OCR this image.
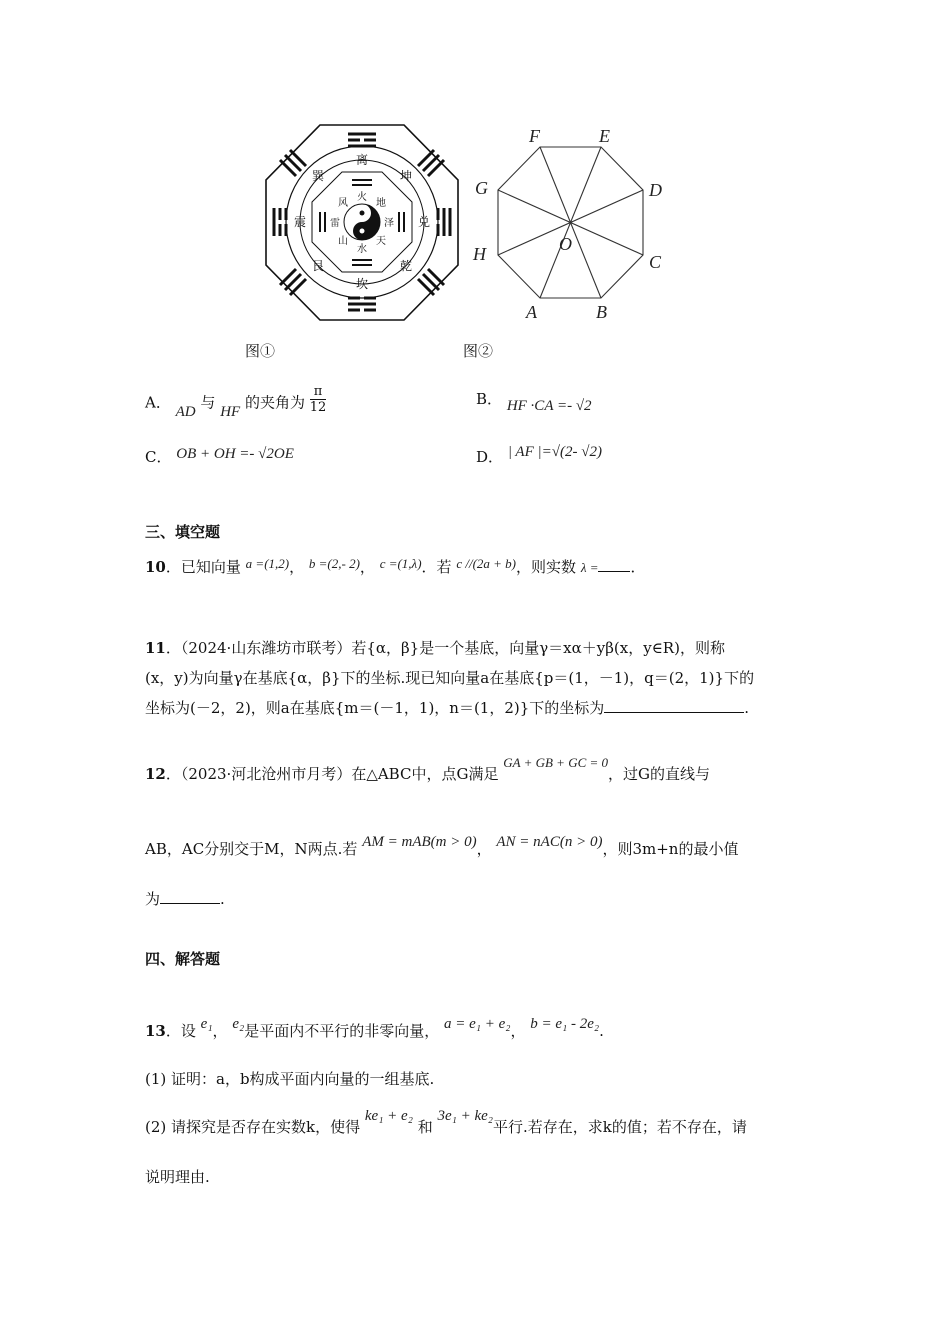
离
坤
兑
乾
坎
艮
震
巽
火
地
泽
天
水
山
雷
风
F	E
D
G
H	C
O
A	B
图①	图②
A． AD 与 HF 的夹角为 $\frac{\pi}{12}$	B． HF ·CA =- √2
C． OB + OH =- √2OE	D． | AF |=√(2- √2)
三、填空题
10．已知向量 a =(1,2)， b =(2,- 2)， c =(1,λ)．若 c //(2a + b)，则实数 λ = ．
11．（2024·山东潍坊市联考）若{α，β}是一个基底，向量γ＝xα＋yβ(x，y∈R)，则称
(x，y)为向量γ在基底{α，β}下的坐标.现已知向量a在基底{p＝(1，－1)，q＝(2，1)}下的
坐标为(－2，2)，则a在基底{m＝(－1，1)，n＝(1，2)}下的坐标为	.
12．（2023·河北沧州市月考）在△ABC中，点G满足 GA + GB + GC = 0，过G的直线与
AB，AC分别交于M，N两点.若 AM = mAB(m > 0)， AN = nAC(n > 0)，则3m+n的最小值
为	.
四、解答题
13．设 e₁， e₂是平面内不平行的非零向量， a = e₁ + e₂， b = e₁ - 2e₂.
(1) 证明：a，b构成平面内向量的一组基底.
(2) 请探究是否存在实数k，使得 ke₁ + e₂ 和 3e₁ + ke₂平行.若存在，求k的值；若不存在，请
说明理由.
